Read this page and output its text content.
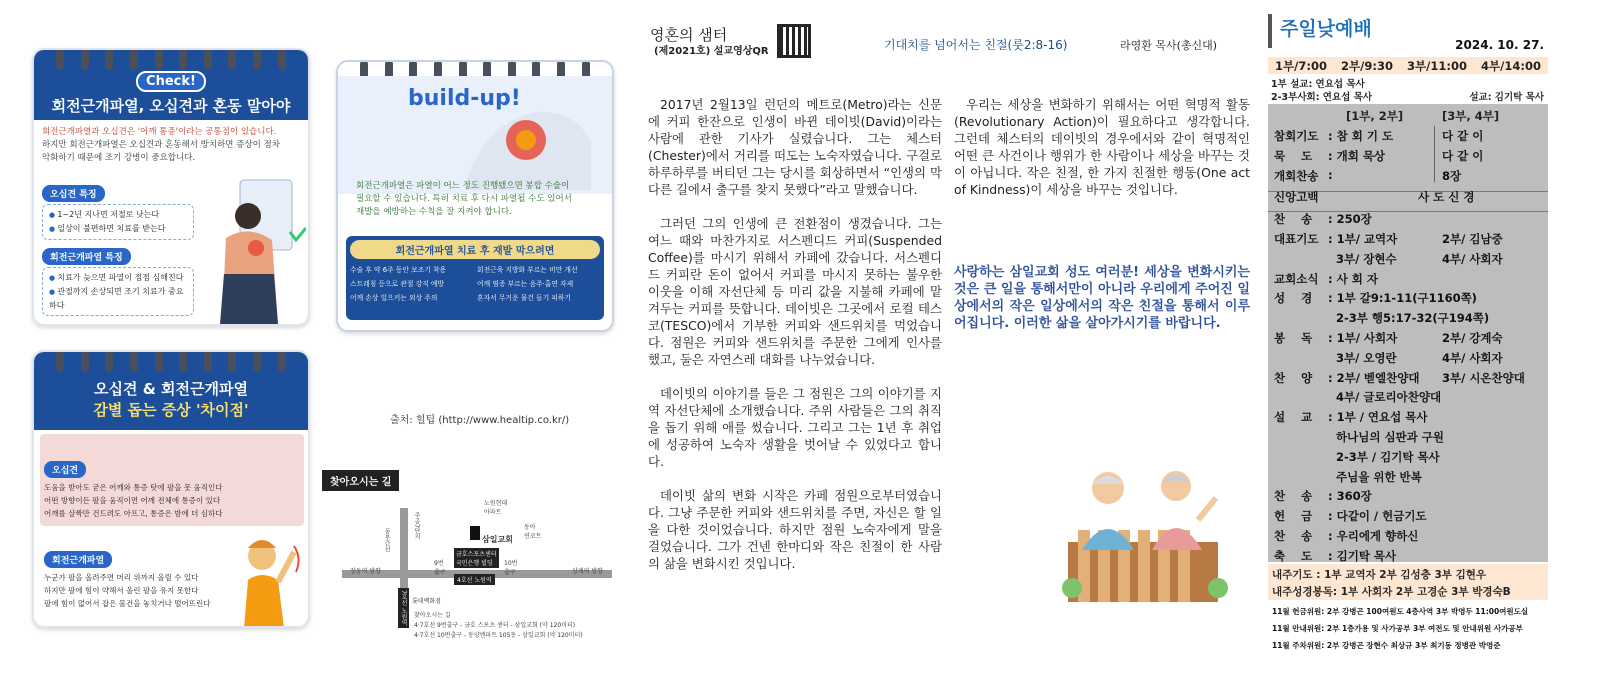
Check!
회전근개파열, 오십견과 혼동 말아야
회전근개파열과 오십견은 '어깨 통증'이라는 공통점이 있습니다.
하지만 회전근개파열은 오십견과 혼동해서 방치하면 증상이 점차
악화하기 때문에 조기 강병이 중요합니다.
오십견 특징
● 1~2년 지나면 저절로 낫는다
● 일상이 불편하면 치료를 받는다
회전근개파열 특징
● 치료가 늦으면 파열이 점점 심해진다
● 관절까지 손상되면 조기 치료가 중요하다
build-up!
회전근개파열은 파열이 어느 정도 진행됐으면 봉합 수술이
필요할 수 있습니다. 특히 치료 후 다시 파열될 수도 있어서
재발을 예방하는 수칙을 잘 지켜야 합니다.
회전근개파열 치료 후 재발 막으려면
수술 후 약 6주 동안 보조기 착용	회전근육 지방화 부르는 비만 개선
스트레칭 등으로 관절 강직 예방	어깨 염증 부르는 음주·흡연 자제
어깨 손상 일으키는 외상 주의	혼자서 무거운 물건 들기 피하기
오십견 & 회전근개파열
감별 돕는 증상 '차이점'
오십견
도움을 받아도 굳은 어깨와 통증 탓에 팔을 못 움직인다
어떤 방향이든 팔을 움직이면 어깨 전체에 통증이 있다
어깨를 살짝만 건드려도 아프고, 통증은 밤에 더 심하다
회전근개파열
누군가 팔을 올려주면 머리 위까지 올릴 수 있다
하지만 팔에 힘이 약해서 올린 팔을 유지 못한다
팔에 힘이 없어서 잡은 물건을 놓치거나 떨어뜨린다
출처: 힐팁 (http://www.healtip.co.kr/)
찾아오시는 길
주공7단지
동부간선
노원현대
아파트
삼일교회
동아
연코트
금호스포츠센터
국민은행 빌딩
장동역 방향	상계역 방향
9번
출구
10번
출구
4호선 노원역
7호선 노원역 롯데백화점
찾아오시는 길
4·7호선 9번출구 - 금호 스포츠 센터 - 삼일교회 (약 120미터)
4·7호선 10번출구 - 동양엔파트 105동 - 삼일교회 (약 120미터)
영혼의 샘터
(제2021호) 설교영상QR	기대치를 넘어서는 친절(룻2:8-16)	라영환 목사(총신대)

2017년 2월13일 런던의 메트로(Metro)라는 신문에 커피 한잔으로 인생이 바뀐 데이빗(David)이라는 사람에 관한 기사가 실렸습니다. 그는 체스터(Chester)에서 거리를 떠도는 노숙자였습니다. 구걸로 하루하루를 버티던 그는 당시를 회상하면서 “인생의 막다른 길에서 출구를 찾지 못했다”라고 말했습니다.

그러던 그의 인생에 큰 전환점이 생겼습니다. 그는 여느 때와 마찬가지로 서스펜디드 커피(Suspended Coffee)를 마시기 위해서 카페에 갔습니다. 서스펜디드 커피란 돈이 없어서 커피를 마시지 못하는 불우한 이웃을 이해 자선단체 등 미리 값을 지불해 카페에 맡겨두는 커피를 뜻합니다. 데이빗은 그곳에서 로컬 테스코(TESCO)에서 기부한 커피와 샌드위치를 먹었습니다. 점원은 커피와 샌드위치를 주문한 그에게 인사를 했고, 둘은 자연스레 대화를 나누었습니다.

데이빗의 이야기를 들은 그 점원은 그의 이야기를 지역 자선단체에 소개했습니다. 주위 사람들은 그의 취직을 돕기 위해 애를 썼습니다. 그리고 그는 1년 후 취업에 성공하여 노숙자 생활을 벗어날 수 있었다고 합니다.

데이빗 삶의 변화 시작은 카페 점원으로부터였습니다. 그냥 주문한 커피와 샌드위치를 주면, 자신은 할 일을 다한 것이었습니다. 하지만 점원 노숙자에게 말을 걸었습니다. 그가 건넨 한마디와 작은 친절이 한 사람의 삶을 변화시킨 것입니다.

우리는 세상을 변화하기 위해서는 어떤 혁명적 활동(Revolutionary Action)이 필요하다고 생각합니다. 그런데 체스터의 데이빗의 경우에서와 같이 혁명적인 어떤 큰 사건이나 행위가 한 사람이나 세상을 바꾸는 것이 아닙니다. 작은 친절, 한 가지 친절한 행동(One act of Kindness)이 세상을 바꾸는 것입니다.

사랑하는 삼일교회 성도 여러분! 세상을 변화시키는 것은 큰 일을 통해서만이 아니라 우리에게 주어진 일상에서의 작은 일상에서의 작은 친절을 통해서 이루어집니다. 이러한 삶을 살아가시기를 바랍니다.
주일낮예배
2024. 10. 27.
1부/7:00 2부/9:30 3부/11:00 4부/14:00
1부 설교: 연요섭 목사
2-3부사회: 연요섭 목사	설교: 김기탁 목사
[1부, 2부]	[3부, 4부]
참회기도 : 참 회 기 도	다 같 이
묵    도 : 개회 묵상	다 같 이
개회찬송 :	8장
신앙고백	사 도 신 경
찬    송 : 250장
대표기도 : 1부/ 교역자	2부/ 김남중
3부/ 장현수	4부/ 사회자
교회소식 : 사 회 자
성    경 : 1부 갈9:1-11(구1160쪽)
2-3부 행5:17-32(구194쪽)
봉    독 : 1부/ 사회자	2부/ 강계숙
3부/ 오영란	4부/ 사회자
찬    양 : 2부/ 벧엘찬양대 3부/ 시온찬양대
4부/ 글로리아찬양대
설    교 : 1부 / 연요섭 목사
하나님의 심판과 구원
2-3부 / 김기탁 목사
주님을 위한 반복
찬    송 : 360장
헌    금 : 다같이 / 헌금기도
찬    송 : 우리에게 향하신
축    도 : 김기탁 목사
내주기도 : 1부 교역자 2부 김성충 3부 김현우
내주성경봉독: 1부 사회자 2부 고경순 3부 박경숙B
11월 헌금위원: 2부 강병곤 100여원도 4층사역 3부 박영두 11:00여원도실
11월 안내위원: 2부 1층가용 및 사가공부 3부 여전도 및 안내위원 사가공부
11월 주차위원: 2부 강병곤 장현수 최상규 3부 최기동 정병관 박영준
